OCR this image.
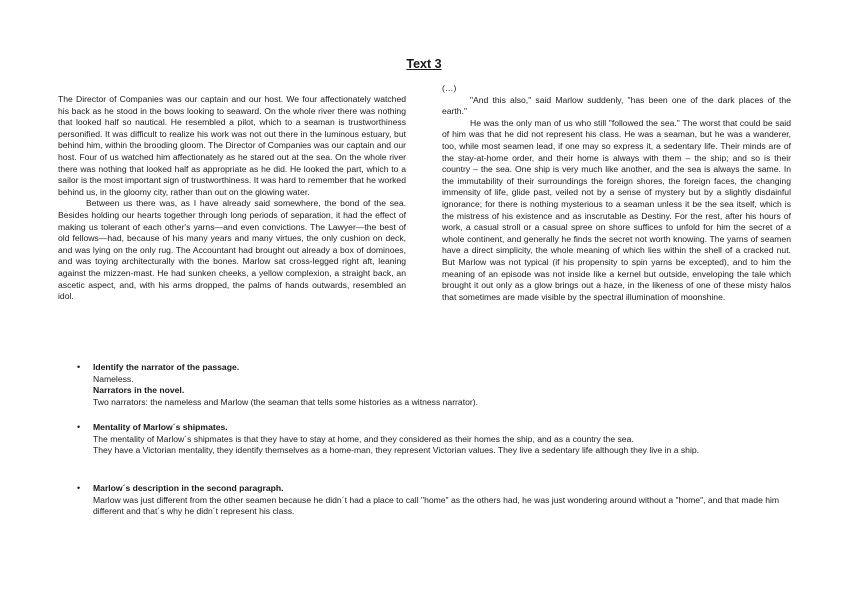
Text 3

The Director of Companies was our captain and our host. We four affectionately watched his back as he stood in the bows looking to seaward. On the whole river there was nothing that looked half so nautical. He resembled a pilot, which to a seaman is trustworthiness personified. It was difficult to realize his work was not out there in the luminous estuary, but behind him, within the brooding gloom. The Director of Companies was our captain and our host. Four of us watched him affectionately as he stared out at the sea. On the whole river there was nothing that looked half as appropriate as he did. He looked the part, which to a sailor is the most important sign of trustworthiness. It was hard to remember that he worked behind us, in the gloomy city, rather than out on the glowing water.

Between us there was, as I have already said somewhere, the bond of the sea. Besides holding our hearts together through long periods of separation, it had the effect of making us tolerant of each other's yarns—and even convictions. The Lawyer—the best of old fellows—had, because of his many years and many virtues, the only cushion on deck, and was lying on the only rug. The Accountant had brought out already a box of dominoes, and was toying architecturally with the bones. Marlow sat cross-legged right aft, leaning against the mizzen-mast. He had sunken cheeks, a yellow complexion, a straight back, an ascetic aspect, and, with his arms dropped, the palms of hands outwards, resembled an idol.

(…)

"And this also," said Marlow suddenly, "has been one of the dark places of the earth."

He was the only man of us who still "followed the sea." The worst that could be said of him was that he did not represent his class. He was a seaman, but he was a wanderer, too, while most seamen lead, if one may so express it, a sedentary life. Their minds are of the stay-at-home order, and their home is always with them – the ship; and so is their country – the sea. One ship is very much like another, and the sea is always the same. In the immutability of their surroundings the foreign shores, the foreign faces, the changing immensity of life, glide past, veiled not by a sense of mystery but by a slightly disdainful ignorance; for there is nothing mysterious to a seaman unless it be the sea itself, which is the mistress of his existence and as inscrutable as Destiny. For the rest, after his hours of work, a casual stroll or a casual spree on shore suffices to unfold for him the secret of a whole continent, and generally he finds the secret not worth knowing. The yarns of seamen have a direct simplicity, the whole meaning of which lies within the shell of a cracked nut. But Marlow was not typical (if his propensity to spin yarns be excepted), and to him the meaning of an episode was not inside like a kernel but outside, enveloping the tale which brought it out only as a glow brings out a haze, in the likeness of one of these misty halos that sometimes are made visible by the spectral illumination of moonshine.

• Identify the narrator of the passage.
Nameless.
Narrators in the novel.
Two narrators: the nameless and Marlow (the seaman that tells some histories as a witness narrator).
• Mentality of Marlow´s shipmates.
The mentality of Marlow´s shipmates is that they have to stay at home, and they considered as their homes the ship, and as a country the sea.
They have a Victorian mentality, they identify themselves as a home-man, they represent Victorian values. They live a sedentary life although they live in a ship.
• Marlow´s description in the second paragraph.
Marlow was just different from the other seamen because he didn´t had a place to call "home" as the others had, he was just wondering around without a "home", and that made him different and that´s why he didn´t represent his class.
